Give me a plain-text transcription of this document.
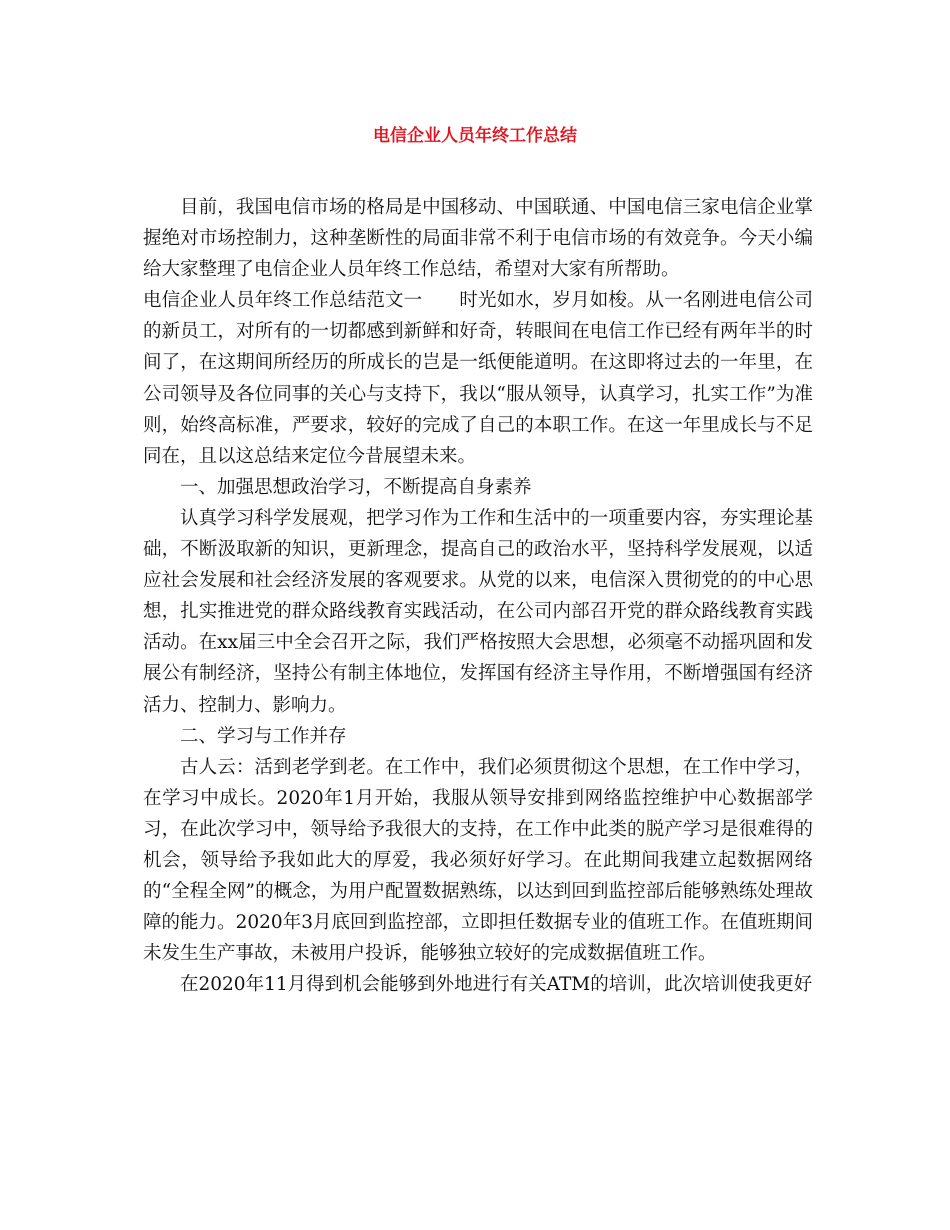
电信企业人员年终工作总结

目前，我国电信市场的格局是中国移动、中国联通、中国电信三家电信企业掌握绝对市场控制力，这种垄断性的局面非常不利于电信市场的有效竞争。今天小编给大家整理了电信企业人员年终工作总结，希望对大家有所帮助。

电信企业人员年终工作总结范文一 时光如水，岁月如梭。从一名刚进电信公司的新员工，对所有的一切都感到新鲜和好奇，转眼间在电信工作已经有两年半的时间了，在这期间所经历的所成长的岂是一纸便能道明。在这即将过去的一年里，在公司领导及各位同事的关心与支持下，我以“服从领导，认真学习，扎实工作”为准则，始终高标准，严要求，较好的完成了自己的本职工作。在这一年里成长与不足同在，且以这总结来定位今昔展望未来。

一、加强思想政治学习，不断提高自身素养

认真学习科学发展观，把学习作为工作和生活中的一项重要内容，夯实理论基础，不断汲取新的知识，更新理念，提高自己的政治水平，坚持科学发展观，以适应社会发展和社会经济发展的客观要求。从党的以来，电信深入贯彻党的的中心思想，扎实推进党的群众路线教育实践活动，在公司内部召开党的群众路线教育实践活动。在xx届三中全会召开之际，我们严格按照大会思想，必须毫不动摇巩固和发展公有制经济，坚持公有制主体地位，发挥国有经济主导作用，不断增强国有经济活力、控制力、影响力。

二、学习与工作并存

古人云：活到老学到老。在工作中，我们必须贯彻这个思想，在工作中学习，在学习中成长。2020年1月开始，我服从领导安排到网络监控维护中心数据部学习，在此次学习中，领导给予我很大的支持，在工作中此类的脱产学习是很难得的机会，领导给予我如此大的厚爱，我必须好好学习。在此期间我建立起数据网络的“全程全网”的概念，为用户配置数据熟练，以达到回到监控部后能够熟练处理故障的能力。2020年3月底回到监控部，立即担任数据专业的值班工作。在值班期间未发生生产事故，未被用户投诉，能够独立较好的完成数据值班工作。

在2020年11月得到机会能够到外地进行有关ATM的培训，此次培训使我更好
